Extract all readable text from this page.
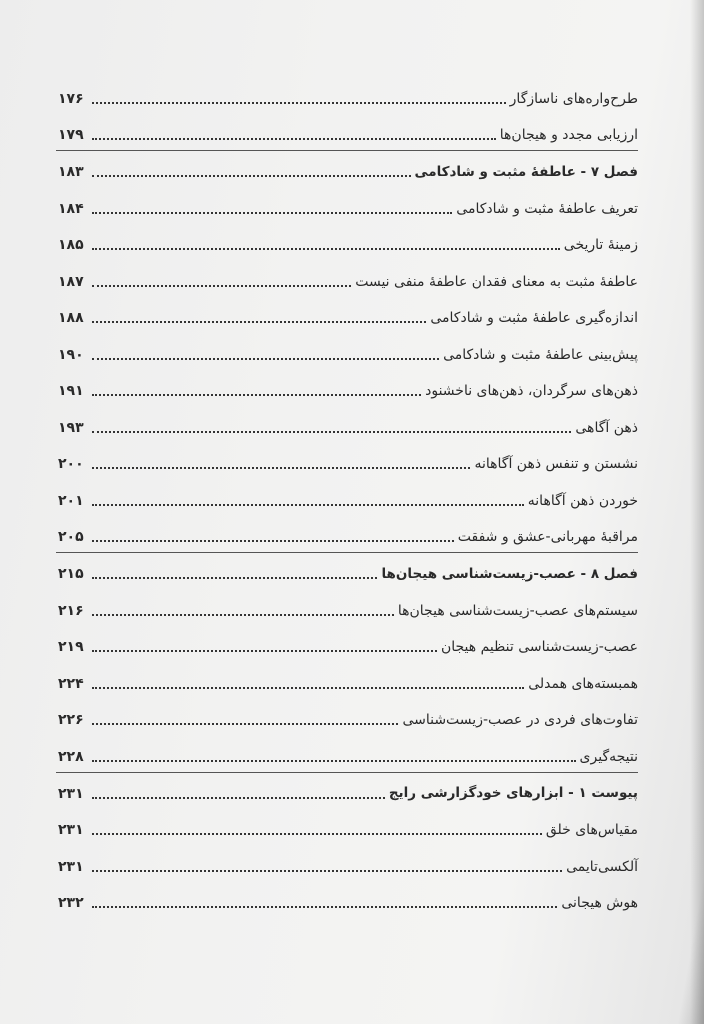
طرح‌واره‌های ناسازگار
۱۷۶
ارزیابی مجدد و هیجان‌ها
۱۷۹
فصل ۷ - عاطفهٔ مثبت و شادکامی
۱۸۳
تعریف عاطفهٔ مثبت و شادکامی
۱۸۴
زمینهٔ تاریخی
۱۸۵
عاطفهٔ مثبت به معنای فقدان عاطفهٔ منفی نیست
۱۸۷
اندازه‌گیری عاطفهٔ مثبت و شادکامی
۱۸۸
پیش‌بینی عاطفهٔ مثبت و شادکامی
۱۹۰
ذهن‌های سرگردان، ذهن‌های ناخشنود
۱۹۱
ذهن آگاهی
۱۹۳
نشستن و تنفس ذهن آگاهانه
۲۰۰
خوردن ذهن آگاهانه
۲۰۱
مراقبهٔ مهربانی-عشق و شفقت
۲۰۵
فصل ۸ - عصب-زیست‌شناسی هیجان‌ها
۲۱۵
سیستم‌های عصب-زیست‌شناسی هیجان‌ها
۲۱۶
عصب-زیست‌شناسی تنظیم هیجان
۲۱۹
همبسته‌های همدلی
۲۲۴
تفاوت‌های فردی در عصب-زیست‌شناسی
۲۲۶
نتیجه‌گیری
۲۲۸
پیوست ۱ - ابزارهای خودگزارشی رایج
۲۳۱
مقیاس‌های خلق
۲۳۱
آلکسی‌تایمی
۲۳۱
هوش هیجانی
۲۳۲
